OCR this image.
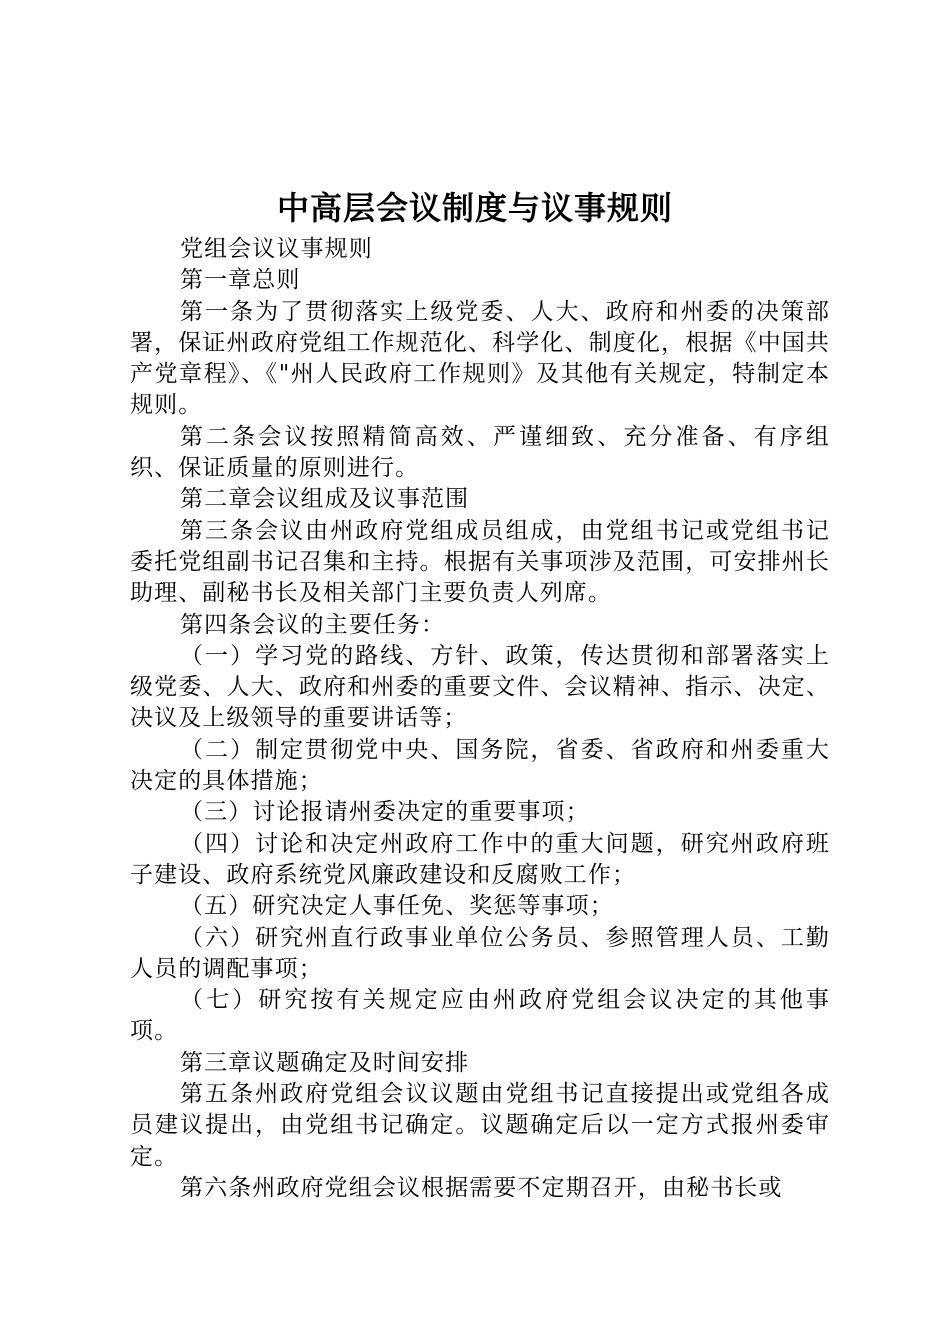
中高层会议制度与议事规则

党组会议议事规则

第一章总则

第一条为了贯彻落实上级党委、人大、政府和州委的决策部署，保证州政府党组工作规范化、科学化、制度化，根据《中国共产党章程》、《"州人民政府工作规则》及其他有关规定，特制定本规则。

第二条会议按照精简高效、严谨细致、充分准备、有序组织、保证质量的原则进行。

第二章会议组成及议事范围

第三条会议由州政府党组成员组成，由党组书记或党组书记委托党组副书记召集和主持。根据有关事项涉及范围，可安排州长助理、副秘书长及相关部门主要负责人列席。

第四条会议的主要任务：

（一）学习党的路线、方针、政策，传达贯彻和部署落实上级党委、人大、政府和州委的重要文件、会议精神、指示、决定、决议及上级领导的重要讲话等；

（二）制定贯彻党中央、国务院，省委、省政府和州委重大决定的具体措施；

（三）讨论报请州委决定的重要事项；

（四）讨论和决定州政府工作中的重大问题，研究州政府班子建设、政府系统党风廉政建设和反腐败工作；

（五）研究决定人事任免、奖惩等事项；

（六）研究州直行政事业单位公务员、参照管理人员、工勤人员的调配事项；

（七）研究按有关规定应由州政府党组会议决定的其他事项。

第三章议题确定及时间安排

第五条州政府党组会议议题由党组书记直接提出或党组各成员建议提出，由党组书记确定。议题确定后以一定方式报州委审定。

第六条州政府党组会议根据需要不定期召开，由秘书长或
